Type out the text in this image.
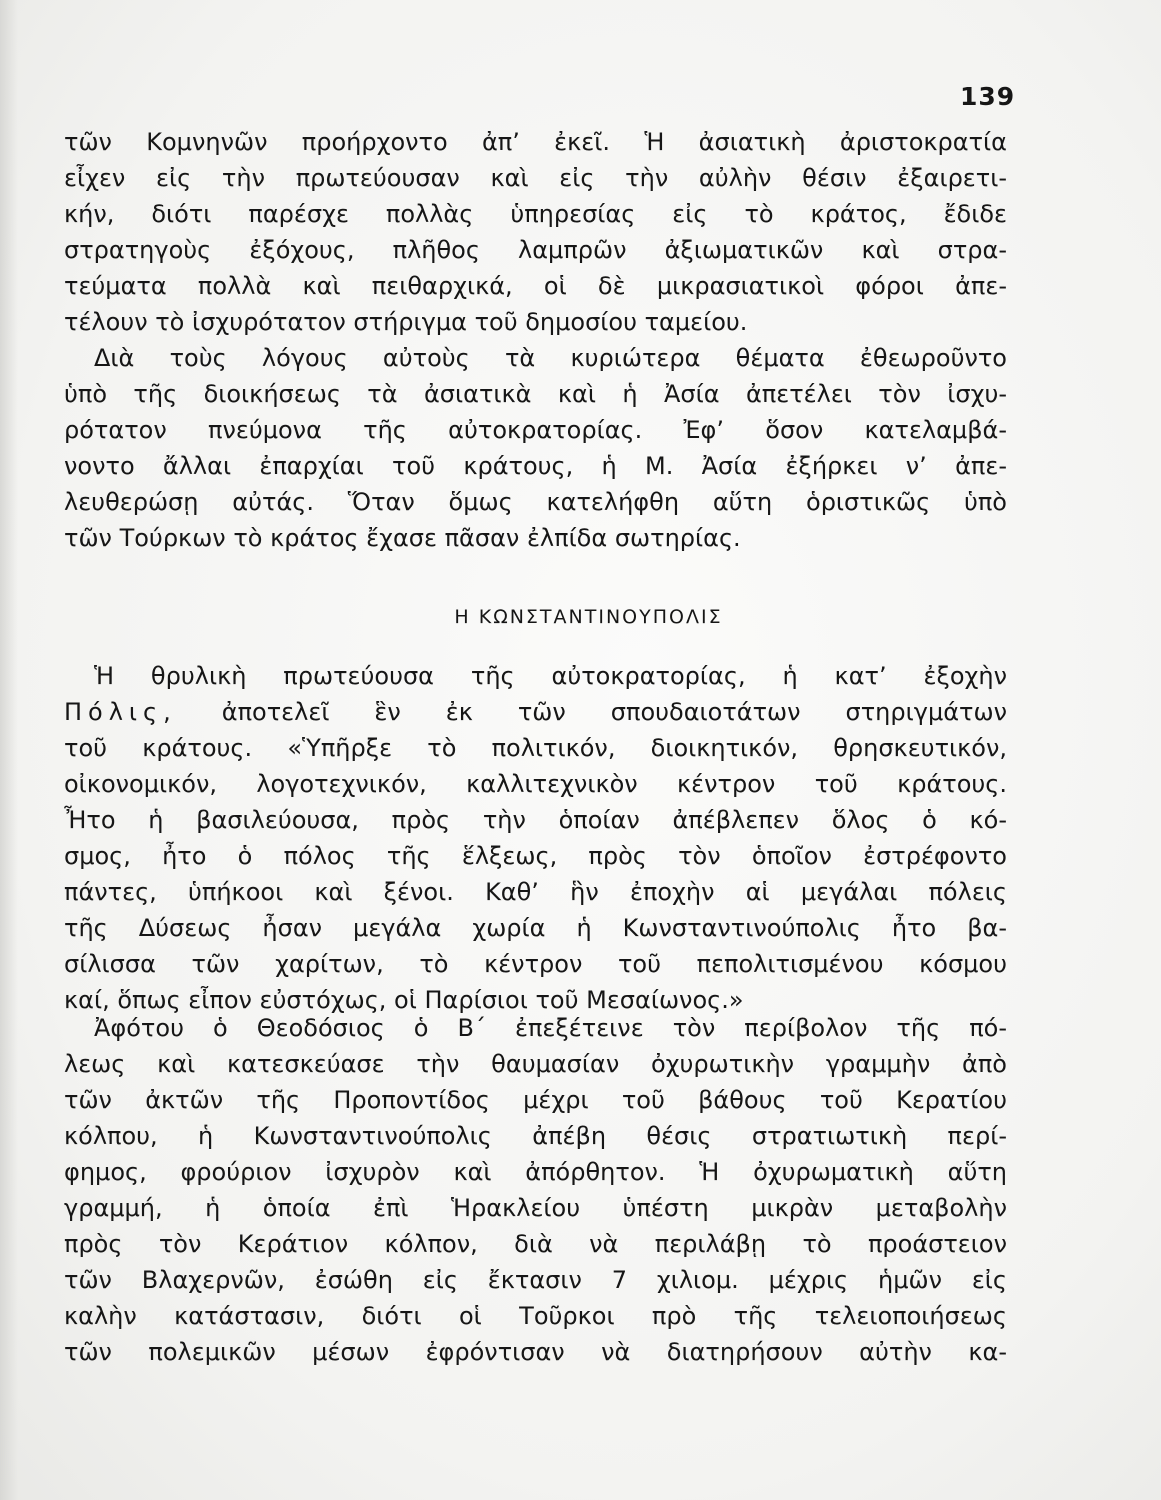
139
τῶν Κομνηνῶν προήρχοντο ἀπ’ ἐκεῖ. Ἡ ἀσιατικὴ ἀριστοκρατία
εἶχεν εἰς τὴν πρωτεύουσαν καὶ εἰς τὴν αὐλὴν θέσιν ἐξαιρετι-
κήν, διότι παρέσχε πολλὰς ὑπηρεσίας εἰς τὸ κράτος, ἔδιδε
στρατηγοὺς ἐξόχους, πλῆθος λαμπρῶν ἀξιωματικῶν καὶ στρα-
τεύματα πολλὰ καὶ πειθαρχικά, οἱ δὲ μικρασιατικοὶ φόροι ἀπε-
τέλουν τὸ ἰσχυρότατον στήριγμα τοῦ δημοσίου ταμείου.
Διὰ τοὺς λόγους αὐτοὺς τὰ κυριώτερα θέματα ἐθεωροῦντο
ὑπὸ τῆς διοικήσεως τὰ ἀσιατικὰ καὶ ἡ Ἀσία ἀπετέλει τὸν ἰσχυ-
ρότατον πνεύμονα τῆς αὐτοκρατορίας. Ἐφ’ ὅσον κατελαμβά-
νοντο ἄλλαι ἐπαρχίαι τοῦ κράτους, ἡ Μ. Ἀσία ἐξήρκει ν’ ἀπε-
λευθερώσῃ αὐτάς. Ὅταν ὅμως κατελήφθη αὕτη ὁριστικῶς ὑπὸ
τῶν Τούρκων τὸ κράτος ἔχασε πᾶσαν ἐλπίδα σωτηρίας.
Η ΚΩΝΣΤΑΝΤΙΝΟΥΠΟΛΙΣ
Ἡ θρυλικὴ πρωτεύουσα τῆς αὐτοκρατορίας, ἡ κατ’ ἐξοχὴν
Πόλις, ἀποτελεῖ ἓν ἐκ τῶν σπουδαιοτάτων στηριγμάτων
τοῦ κράτους. «Ὑπῆρξε τὸ πολιτικόν, διοικητικόν, θρησκευτικόν,
οἰκονομικόν, λογοτεχνικόν, καλλιτεχνικὸν κέντρον τοῦ κράτους.
Ἦτο ἡ βασιλεύουσα, πρὸς τὴν ὁποίαν ἀπέβλεπεν ὅλος ὁ κό-
σμος, ἦτο ὁ πόλος τῆς ἕλξεως, πρὸς τὸν ὁποῖον ἐστρέφοντο
πάντες, ὑπήκοοι καὶ ξένοι. Καθ’ ἣν ἐποχὴν αἱ μεγάλαι πόλεις
τῆς Δύσεως ἦσαν μεγάλα χωρία ἡ Κωνσταντινούπολις ἦτο βα-
σίλισσα τῶν χαρίτων, τὸ κέντρον τοῦ πεπολιτισμένου κόσμου
καί, ὅπως εἶπον εὐστόχως, οἱ Παρίσιοι τοῦ Μεσαίωνος.»
Ἀφότου ὁ Θεοδόσιος ὁ Β΄ ἐπεξέτεινε τὸν περίβολον τῆς πό-
λεως καὶ κατεσκεύασε τὴν θαυμασίαν ὀχυρωτικὴν γραμμὴν ἀπὸ
τῶν ἀκτῶν τῆς Προποντίδος μέχρι τοῦ βάθους τοῦ Κερατίου
κόλπου, ἡ Κωνσταντινούπολις ἀπέβη θέσις στρατιωτικὴ περί-
φημος, φρούριον ἰσχυρὸν καὶ ἀπόρθητον. Ἡ ὀχυρωματικὴ αὕτη
γραμμή, ἡ ὁποία ἐπὶ Ἡρακλείου ὑπέστη μικρὰν μεταβολὴν
πρὸς τὸν Κεράτιον κόλπον, διὰ νὰ περιλάβῃ τὸ προάστειον
τῶν Βλαχερνῶν, ἐσώθη εἰς ἔκτασιν 7 χιλιομ. μέχρις ἡμῶν εἰς
καλὴν κατάστασιν, διότι οἱ Τοῦρκοι πρὸ τῆς τελειοποιήσεως
τῶν πολεμικῶν μέσων ἐφρόντισαν νὰ διατηρήσουν αὐτὴν κα-
